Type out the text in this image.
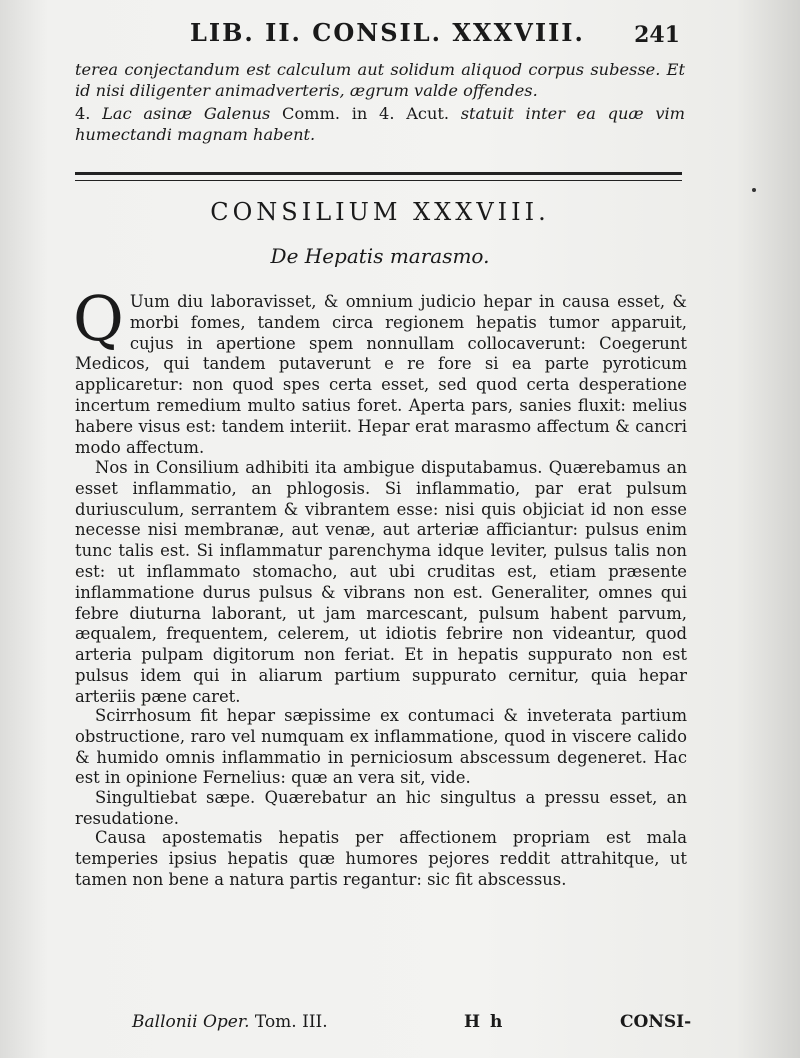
LIB. II. CONSIL. XXXVIII. 241
terea conjectandum est calculum aut solidum aliquod corpus subesse. Et id nisi diligenter animadverteris, ægrum valde offendes.
4. Lac asinæ Galenus Comm. in 4. Acut. statuit inter ea quæ vim humectandi magnam habent.
CONSILIUM XXXVIII.
De Hepatis marasmo.
Q Uum diu laboravisset, & omnium judicio hepar in causa esset, & morbi fomes, tandem circa regionem hepatis tumor apparuit, cujus in apertione spem nonnullam collocaverunt: Coegerunt Medicos, qui tandem putaverunt e re fore si ea parte pyroticum applicaretur: non quod spes certa esset, sed quod certa desperatione incertum remedium multo satius foret. Aperta pars, sanies fluxit: melius habere visus est: tandem interiit. Hepar erat marasmo affectum & cancri modo affectum.
Nos in Consilium adhibiti ita ambigue disputabamus. Quærebamus an esset inflammatio, an phlogosis. Si inflammatio, par erat pulsum duriusculum, serrantem & vibrantem esse: nisi quis objiciat id non esse necesse nisi membranæ, aut venæ, aut arteriæ afficiantur: pulsus enim tunc talis est. Si inflammatur parenchyma idque leviter, pulsus talis non est: ut inflammato stomacho, aut ubi cruditas est, etiam præsente inflammatione durus pulsus & vibrans non est. Generaliter, omnes qui febre diuturna laborant, ut jam marcescant, pulsum habent parvum, æqualem, frequentem, celerem, ut idiotis febrire non videantur, quod arteria pulpam digitorum non feriat. Et in hepatis suppurato non est pulsus idem qui in aliarum partium suppurato cernitur, quia hepar arteriis pæne caret.
Scirrhosum fit hepar sæpissime ex contumaci & inveterata partium obstructione, raro vel numquam ex inflammatione, quod in viscere calido & humido omnis inflammatio in perniciosum abscessum degeneret. Hac est in opinione Fernelius: quæ an vera sit, vide.
Singultiebat sæpe. Quærebatur an hic singultus a pressu esset, an resudatione.
Causa apostematis hepatis per affectionem propriam est mala temperies ipsius hepatis quæ humores pejores reddit attrahitque, ut tamen non bene a natura partis regantur: sic fit abscessus.
Ballonii Oper. Tom. III.	H h	CONSI-
